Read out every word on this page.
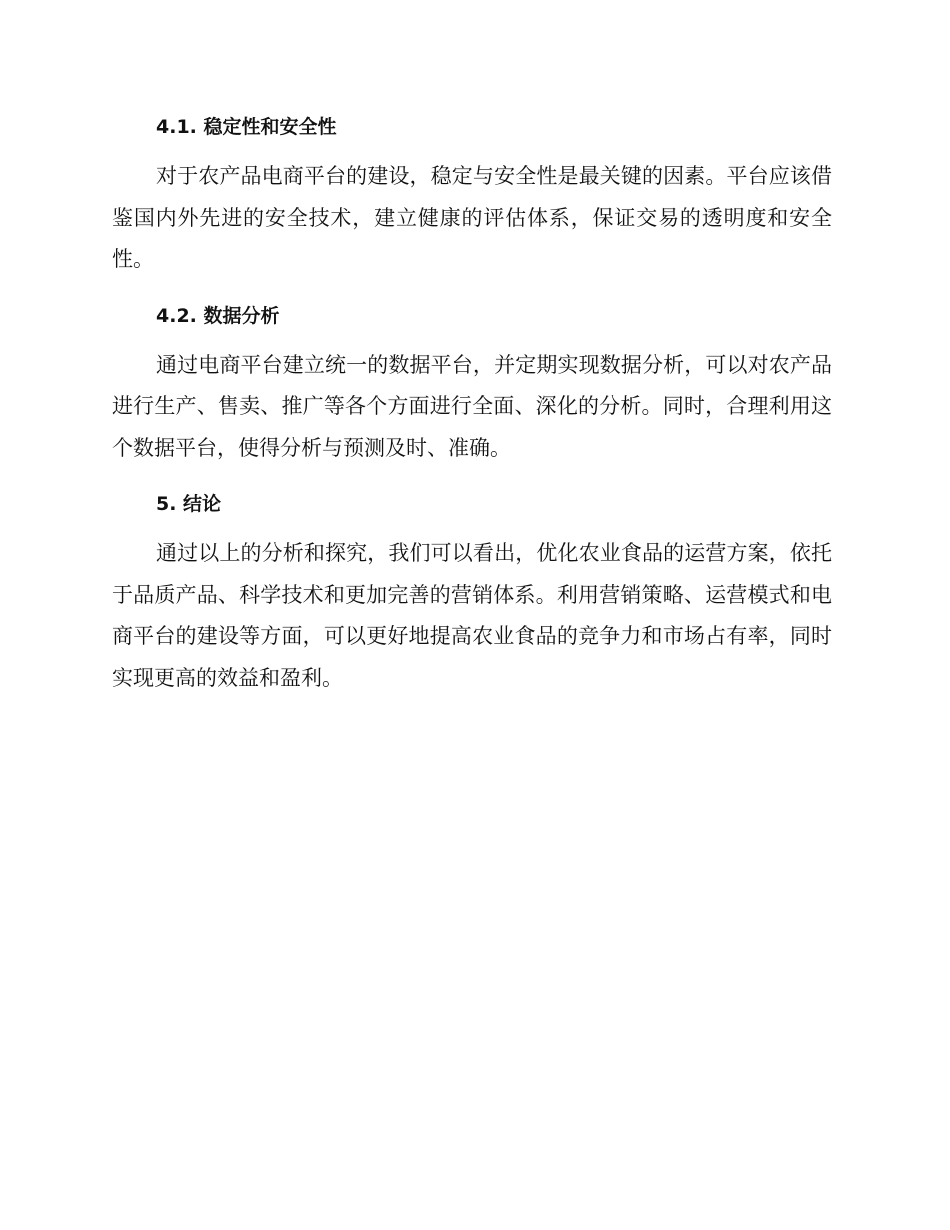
4.1. 稳定性和安全性

对于农产品电商平台的建设，稳定与安全性是最关键的因素。平台应该借鉴国内外先进的安全技术，建立健康的评估体系，保证交易的透明度和安全性。

4.2. 数据分析

通过电商平台建立统一的数据平台，并定期实现数据分析，可以对农产品进行生产、售卖、推广等各个方面进行全面、深化的分析。同时，合理利用这个数据平台，使得分析与预测及时、准确。

5. 结论

通过以上的分析和探究，我们可以看出，优化农业食品的运营方案，依托于品质产品、科学技术和更加完善的营销体系。利用营销策略、运营模式和电商平台的建设等方面，可以更好地提高农业食品的竞争力和市场占有率，同时实现更高的效益和盈利。
